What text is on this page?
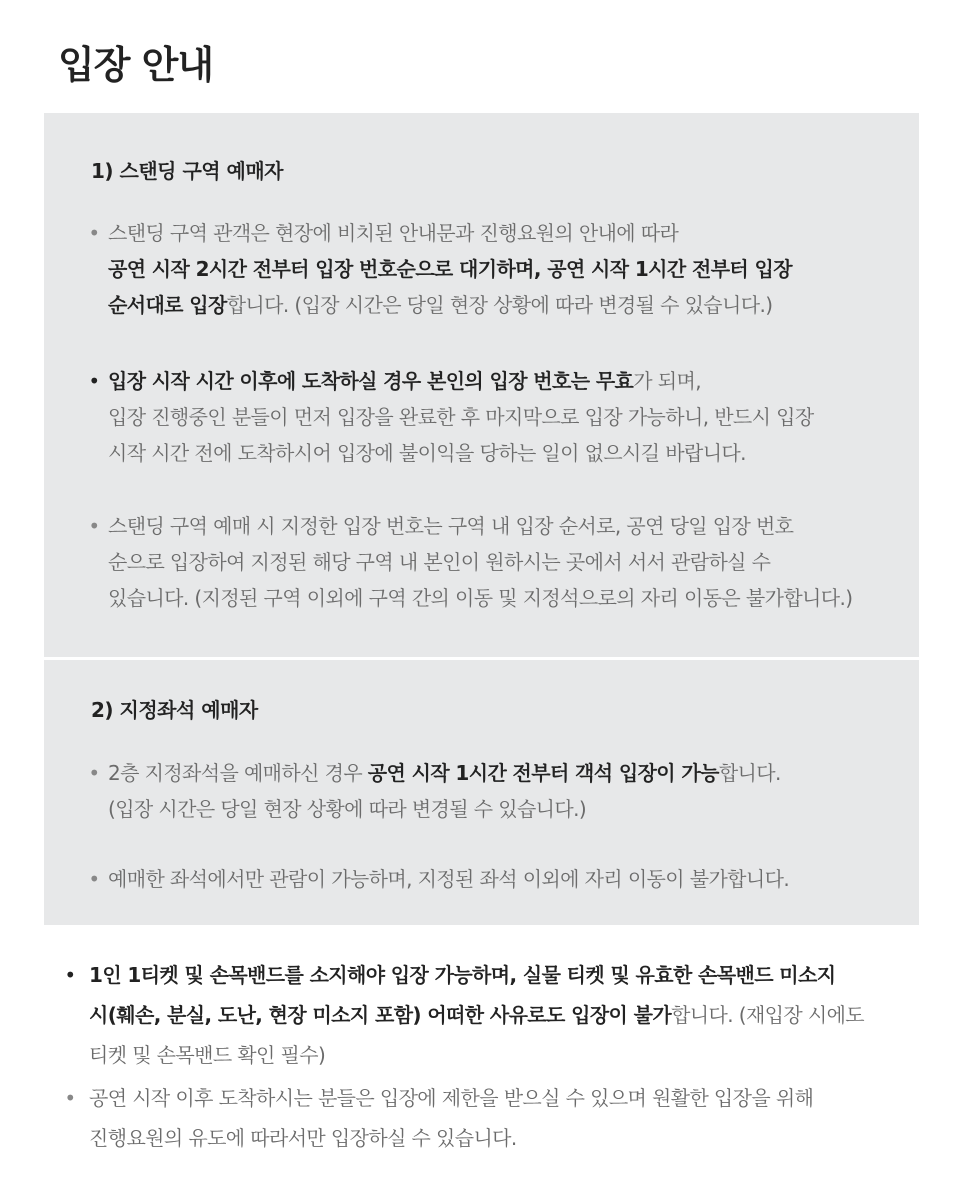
입장 안내
1) 스탠딩 구역 예매자
• 스탠딩 구역 관객은 현장에 비치된 안내문과 진행요원의 안내에 따라
공연 시작 2시간 전부터 입장 번호순으로 대기하며, 공연 시작 1시간 전부터 입장
순서대로 입장합니다. (입장 시간은 당일 현장 상황에 따라 변경될 수 있습니다.)
• 입장 시작 시간 이후에 도착하실 경우 본인의 입장 번호는 무효가 되며,
입장 진행중인 분들이 먼저 입장을 완료한 후 마지막으로 입장 가능하니, 반드시 입장
시작 시간 전에 도착하시어 입장에 불이익을 당하는 일이 없으시길 바랍니다.
• 스탠딩 구역 예매 시 지정한 입장 번호는 구역 내 입장 순서로, 공연 당일 입장 번호
순으로 입장하여 지정된 해당 구역 내 본인이 원하시는 곳에서 서서 관람하실 수
있습니다. (지정된 구역 이외에 구역 간의 이동 및 지정석으로의 자리 이동은 불가합니다.)
2) 지정좌석 예매자
• 2층 지정좌석을 예매하신 경우 공연 시작 1시간 전부터 객석 입장이 가능합니다.
(입장 시간은 당일 현장 상황에 따라 변경될 수 있습니다.)
• 예매한 좌석에서만 관람이 가능하며, 지정된 좌석 이외에 자리 이동이 불가합니다.
• 1인 1티켓 및 손목밴드를 소지해야 입장 가능하며, 실물 티켓 및 유효한 손목밴드 미소지
시(훼손, 분실, 도난, 현장 미소지 포함) 어떠한 사유로도 입장이 불가합니다. (재입장 시에도
티켓 및 손목밴드 확인 필수)
• 공연 시작 이후 도착하시는 분들은 입장에 제한을 받으실 수 있으며 원활한 입장을 위해
진행요원의 유도에 따라서만 입장하실 수 있습니다.
